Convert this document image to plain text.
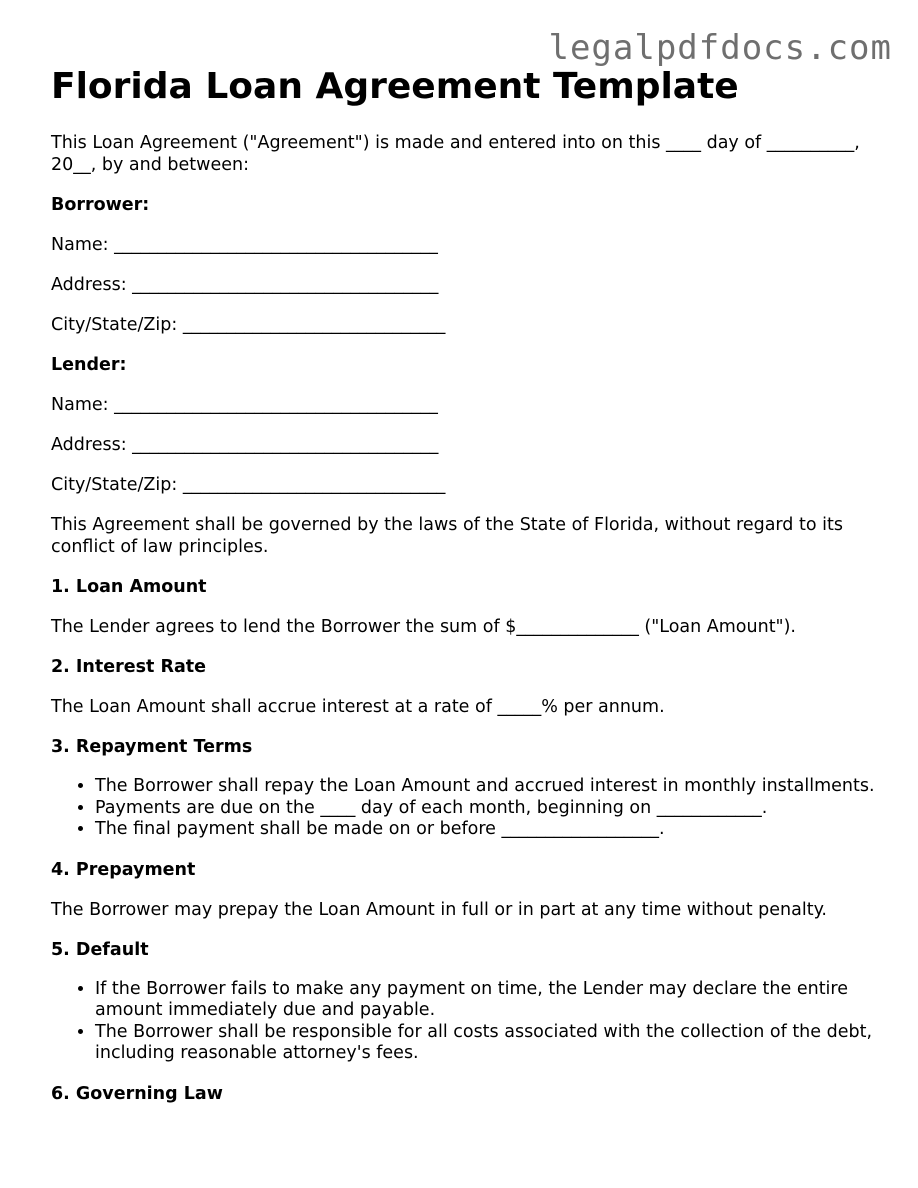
legalpdfdocs.com
Florida Loan Agreement Template

This Loan Agreement ("Agreement") is made and entered into on this ____ day of __________, 20__, by and between:

Borrower:

Name: _____________________________________

Address: ___________________________________

City/State/Zip: ______________________________

Lender:

Name: _____________________________________

Address: ___________________________________

City/State/Zip: ______________________________

This Agreement shall be governed by the laws of the State of Florida, without regard to its conflict of law principles.

1. Loan Amount

The Lender agrees to lend the Borrower the sum of $______________ ("Loan Amount").

2. Interest Rate

The Loan Amount shall accrue interest at a rate of _____% per annum.

3. Repayment Terms
• The Borrower shall repay the Loan Amount and accrued interest in monthly installments.
• Payments are due on the ____ day of each month, beginning on ____________.
• The final payment shall be made on or before __________________.
4. Prepayment

The Borrower may prepay the Loan Amount in full or in part at any time without penalty.

5. Default
• If the Borrower fails to make any payment on time, the Lender may declare the entire amount immediately due and payable.
• The Borrower shall be responsible for all costs associated with the collection of the debt, including reasonable attorney's fees.
6. Governing Law
